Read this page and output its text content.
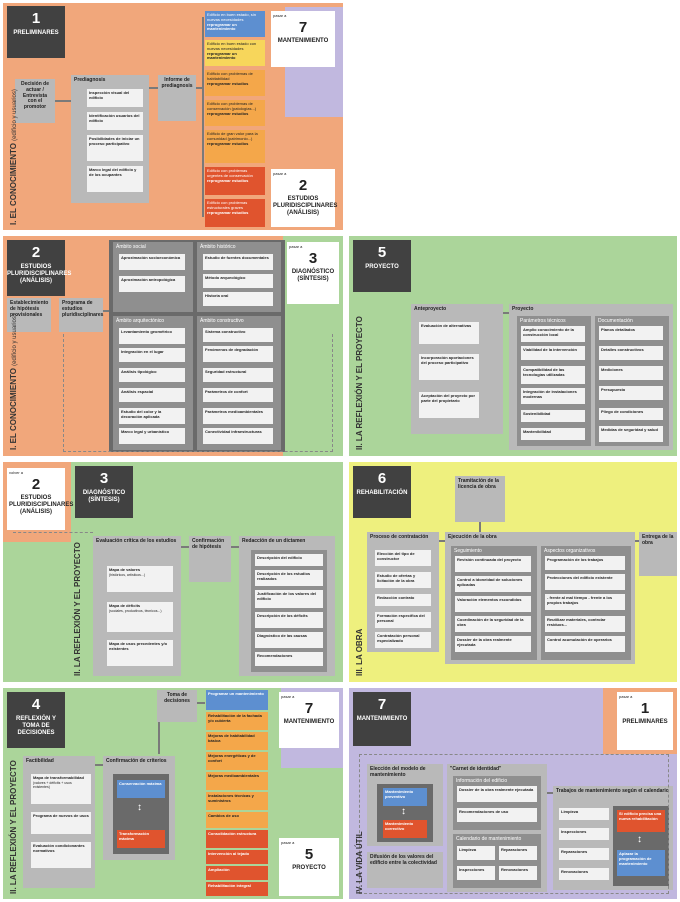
1
PRELIMINARES
Decisión de actuar / Entrevista con el promotor
Prediagnosis
Inspección visual del edificio
Identificación usuarios del edificio
Posibilidades de iniciar un proceso participativo
Marco legal del edificio y de los ocupantes
Informe de prediagnosis
Edificio en buen estado, sin nuevas necesidades
reprogramar un mantenimiento
Edificio en buen estado con nuevas necesidades
reprogramar un mantenimiento
Edificio con problemas de habitabilidad
reprogramar estudios
Edificio con problemas de conservación (patologías...)
reprogramar estudios
Edificio de gran valor para la comunidad (patrimonio...)
reprogramar estudios
Edificio con problemas urgentes de conservación
reprogramar estudios
Edificio con problemas estructurales graves
reprogramar estudios
pasar a
7
MANTENIMIENTO
pasar a
2
ESTUDIOS PLURIDISCIPLINARES (ANÁLISIS)
I. EL CONOCIMIENTO (edificio y usuarios)
2
ESTUDIOS PLURIDISCIPLINARES (ANÁLISIS)
Establecimiento de hipótesis provisionales
Programa de estudios pluridisciplinares
Ámbito social
Aproximación socioeconómica
Aproximación antropológica
Ámbito histórico
Estudio de fuentes documentales
Método arqueológico
Historia oral
Ámbito arquitectónico
Levantamiento geométrico
Integración en el lugar
Análisis tipológico
Análisis espacial
Estudio del color y la decoración aplicada
Marco legal y urbanístico
Ámbito constructivo
Sistema constructivo
Fenómenos de degradación
Seguridad estructural
Parámetros de confort
Parámetros medioambientales
Conectividad infraestructuras
pasar a
3
DIAGNÓSTICO (SÍNTESIS)
I. EL CONOCIMIENTO (edificio y usuarios)
5
PROYECTO
Anteproyecto
Evaluación de alternativas
Incorporación aportaciones del proceso participativo
Aceptación del proyecto por parte del propietario
Proyecto
Parámetros técnicos
Amplio conocimiento de la construcción local
Viabilidad de la intervención
Compatibilidad de las tecnologías utilizadas
Integración de instalaciones modernas
Sostenibilidad
Mantenibilidad
Documentación
Planos detallados
Detalles constructivos
Mediciones
Presupuesto
Pliego de condiciones
Medidas de seguridad y salud
II. LA REFLEXIÓN Y EL PROYECTO
volver a
2
ESTUDIOS PLURIDISCIPLINARES (ANÁLISIS)
3
DIAGNÓSTICO (SÍNTESIS)
Evaluación crítica de los estudios
Mapa de valores
(históricos, artísticos...)
Mapa de déficits
(sociales, productivos, técnicos...)
Mapa de usos precedentes y/o existentes
Confirmación de hipótesis
Redacción de un dictamen
Descripción del edificio
Descripción de los estudios realizados
Justificación de los valores del edificio
Descripción de los déficits
Diagnóstico de las causas
Recomendaciones
II. LA REFLEXIÓN Y EL PROYECTO
6
REHABILITACIÓN
Tramitación de la licencia de obra
Proceso de contratación
Elección del tipo de constructor
Estudio de ofertas y licitación de la obra
Redacción contrato
Formación específica del personal
Contratación personal especializado
Ejecución de la obra
Seguimiento
Revisión continuada del proyecto
Control a idoneidad de soluciones aplicadas
Valoración elementos escondidos
Coordinación de la seguridad de la obra
Dossier de la obra realmente ejecutada
Aspectos organizativos
Programación de los trabajos
Protecciones del edificio existente
- frente al mal tiempo - frente a los propios trabajos
Reutilizar materiales, controlar residuos...
Control acumulación de operarios
Entrega de la obra
III. LA OBRA
4
REFLEXIÓN Y TOMA DE DECISIONES
Toma de decisiones
Factibilidad
Mapa de transformabilidad
(valores + déficits + usos existentes)
Programa de nuevos de usos
Evaluación condicionantes normativos
Confirmación de criterios
Conservación máxima
↕
Transformación máxima
Programar un mantenimiento
Rehabilitación de la fachada y/o cubierta
Mejoras de habitabilidad básica
Mejoras energéticas y de confort
Mejoras medioambientales
Instalaciones técnicas y suministros
Cambios de uso
Consolidación estructura
Intervención al tejado
Ampliación
Rehabilitación integral
pasar a
7
MANTENIMIENTO
pasar a
5
PROYECTO
II. LA REFLEXIÓN Y EL PROYECTO
7
MANTENIMIENTO
pasar a
1
PRELIMINARES
Elección del modelo de mantenimiento
Mantenimiento preventivo
↕
Mantenimiento correctivo
Difusión de los valores del edificio entre la colectividad
"Carnet de identidad"
Información del edificio
Dossier de la obra realmente ejecutada
Recomendaciones de uso
Calendario de mantenimiento
Limpieza	Reparaciones
Inspecciones	Renovaciones
Trabajos de mantenimiento según el calendario
Limpieza
Inspecciones
Reparaciones
Renovaciones
Si edificio precisa una nueva rehabilitación
↕
Aplazar la programación de mantenimiento
IV. LA VIDA ÚTIL
